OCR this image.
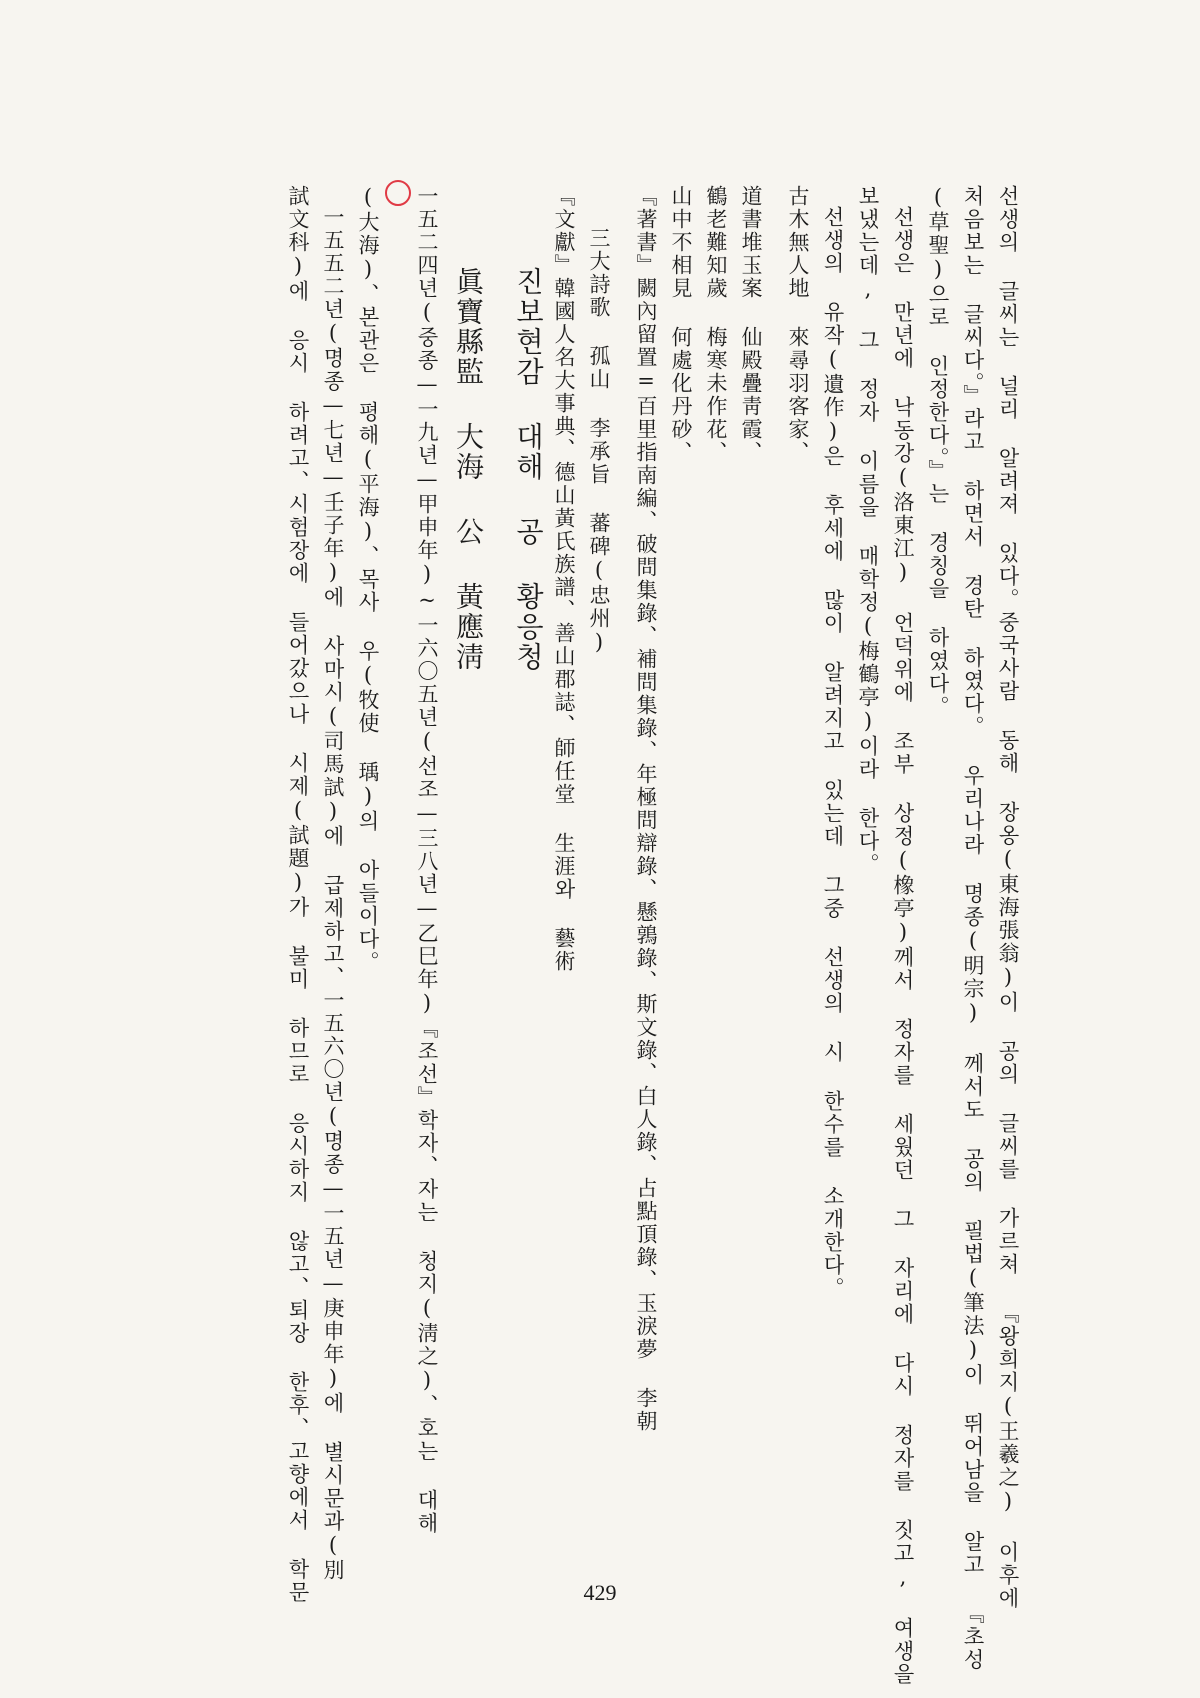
선생의 글씨는 널리 알려져 있다。중국사람 동해 장옹(東海張翁)이 공의 글씨를 가르쳐 『왕희지(王羲之) 이후에
처음보는 글씨다。』라고 하면서 경탄 하였다。 우리나라 명종(明宗) 께서도 공의 필법(筆法)이 뛰어남을 알고 『초성
(草聖)으로 인정한다。』는 경칭을 하였다。
선생은 만년에 낙동강(洛東江) 언덕위에 조부 상정(橡亭)께서 정자를 세웠던 그 자리에 다시 정자를 짓고, 여생을
보냈는데, 그 정자 이름을 매학정(梅鶴亭)이라 한다。
선생의 유작(遺作)은 후세에 많이 알려지고 있는데 그중 선생의 시 한수를 소개한다。
古木無人地 來尋羽客家、
道書堆玉案 仙殿疊靑霞、
鶴老難知歲 梅寒未作花、
山中不相見 何處化丹砂、
『著書』闕內留置=百里指南編、破問集錄、補問集錄、年極問辯錄、懸鶉錄、斯文錄、白人錄、占點頂錄、玉淚夢 李朝
三大詩歌 孤山 李承旨 蕃碑(忠州)
『文獻』韓國人名大事典、德山黃氏族譜、善山郡誌、師任堂 生涯와 藝術
진보현감 대해 공 황응청
眞寶縣監 大海 公 黃應淸
一五二四년(중종—一九년—甲申年)~一六〇五년(선조—三八년—乙巳年)『조선』학자、자는 청지(淸之)、호는 대해
(大海)、본관은 평해(平海)、목사 우(牧使 瑀)의 아들이다。
一五五二년(명종—七년—壬子年)에 사마시(司馬試)에 급제하고、一五六〇년(명종—一五년—庚申年)에 별시문과(別
試文科)에 응시 하려고、시험장에 들어갔으나 시제(試題)가 불미 하므로 응시하지 않고、퇴장 한후、고향에서 학문	429
